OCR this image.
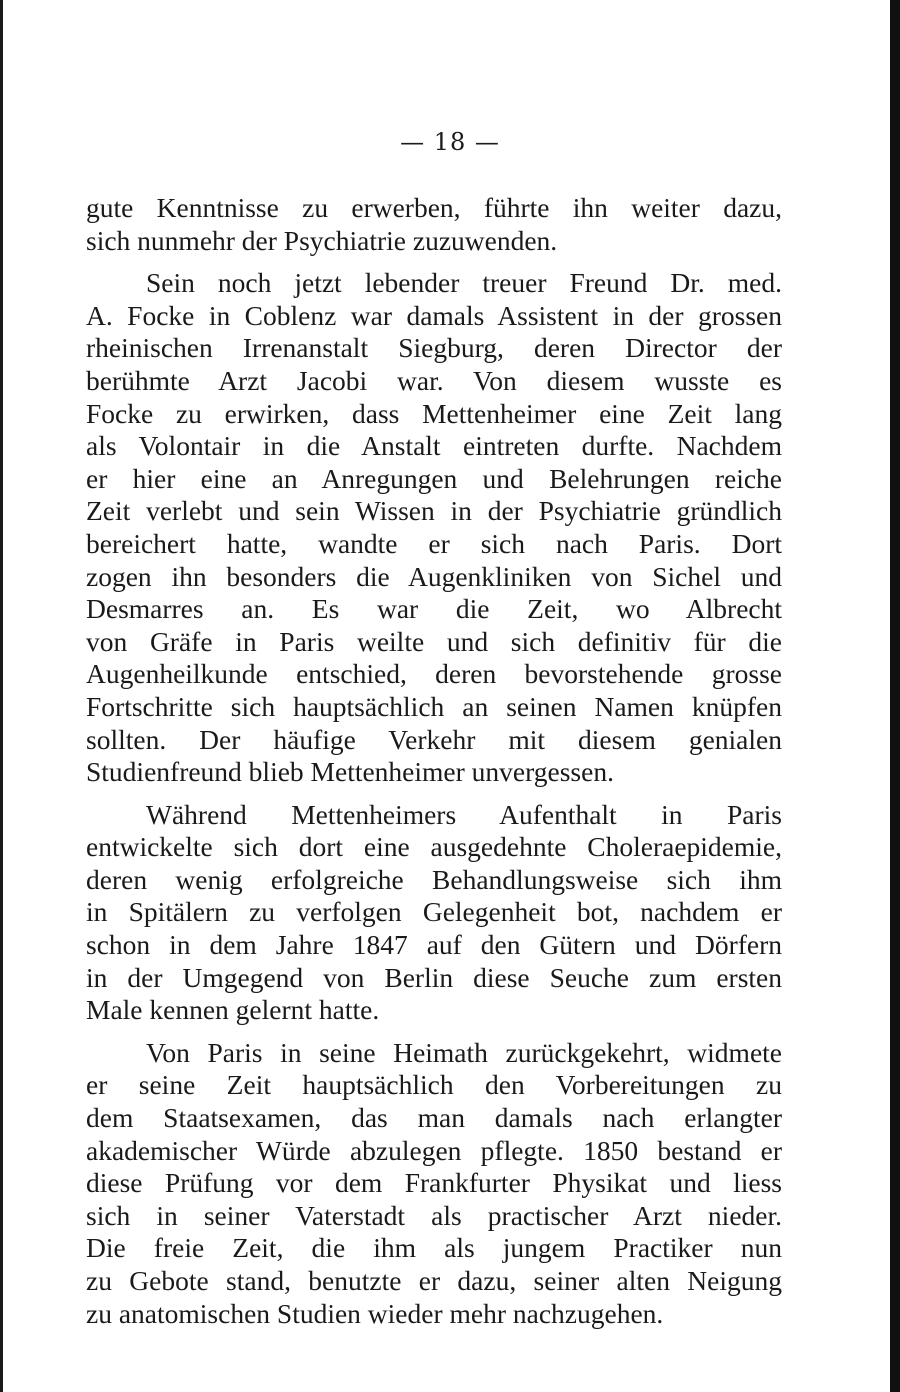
— 18 —

gute Kenntnisse zu erwerben, führte ihn weiter dazu,
sich nunmehr der Psychiatrie zuzuwenden.

Sein noch jetzt lebender treuer Freund Dr. med.
A. Focke in Coblenz war damals Assistent in der grossen
rheinischen Irrenanstalt Siegburg, deren Director der
berühmte Arzt Jacobi war. Von diesem wusste es
Focke zu erwirken, dass Mettenheimer eine Zeit lang
als Volontair in die Anstalt eintreten durfte. Nachdem
er hier eine an Anregungen und Belehrungen reiche
Zeit verlebt und sein Wissen in der Psychiatrie gründlich
bereichert hatte, wandte er sich nach Paris. Dort
zogen ihn besonders die Augenkliniken von Sichel und
Desmarres an. Es war die Zeit, wo Albrecht
von Gräfe in Paris weilte und sich definitiv für die
Augenheilkunde entschied, deren bevorstehende grosse
Fortschritte sich hauptsächlich an seinen Namen knüpfen
sollten. Der häufige Verkehr mit diesem genialen
Studienfreund blieb Mettenheimer unvergessen.

Während Mettenheimers Aufenthalt in Paris
entwickelte sich dort eine ausgedehnte Choleraepidemie,
deren wenig erfolgreiche Behandlungsweise sich ihm
in Spitälern zu verfolgen Gelegenheit bot, nachdem er
schon in dem Jahre 1847 auf den Gütern und Dörfern
in der Umgegend von Berlin diese Seuche zum ersten
Male kennen gelernt hatte.

Von Paris in seine Heimath zurückgekehrt, widmete
er seine Zeit hauptsächlich den Vorbereitungen zu
dem Staatsexamen, das man damals nach erlangter
akademischer Würde abzulegen pflegte. 1850 bestand er
diese Prüfung vor dem Frankfurter Physikat und liess
sich in seiner Vaterstadt als practischer Arzt nieder.
Die freie Zeit, die ihm als jungem Practiker nun
zu Gebote stand, benutzte er dazu, seiner alten Neigung
zu anatomischen Studien wieder mehr nachzugehen.
